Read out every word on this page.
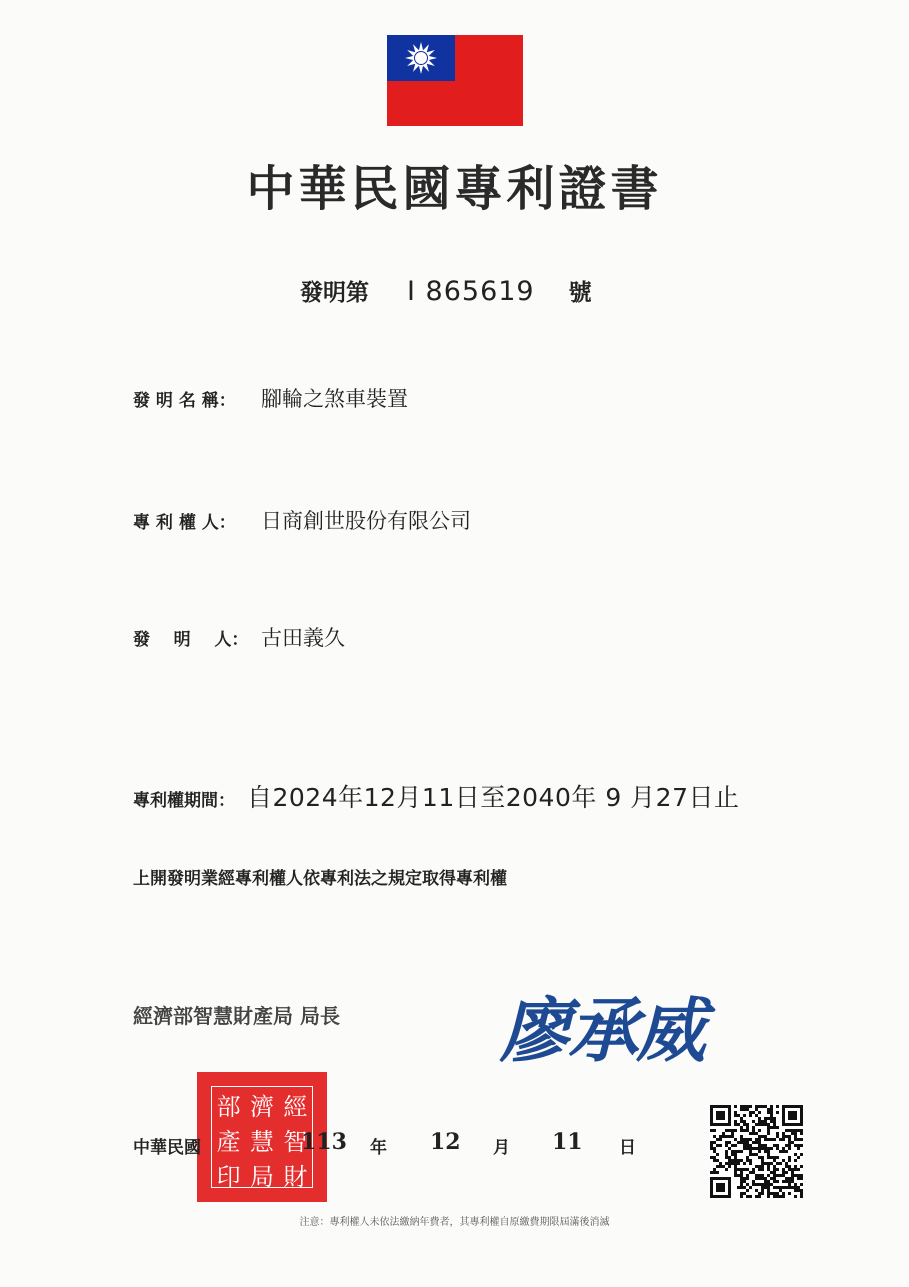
中華民國專利證書
發明第 I 865619 號
發 明 名 稱： 腳輪之煞車裝置
專 利 權 人： 日商創世股份有限公司
發    明    人： 古田義久
專利權期間： 自2024年12月11日至2040年 9 月27日止
上開發明業經專利權人依專利法之規定取得專利權
經濟部智慧財產局 局長 廖承威
部 濟 經
產 慧 智
印 局 財
中華民國	113 年 12 月 11 日
注意：專利權人未依法繳納年費者，其專利權自原繳費期限屆滿後消滅
